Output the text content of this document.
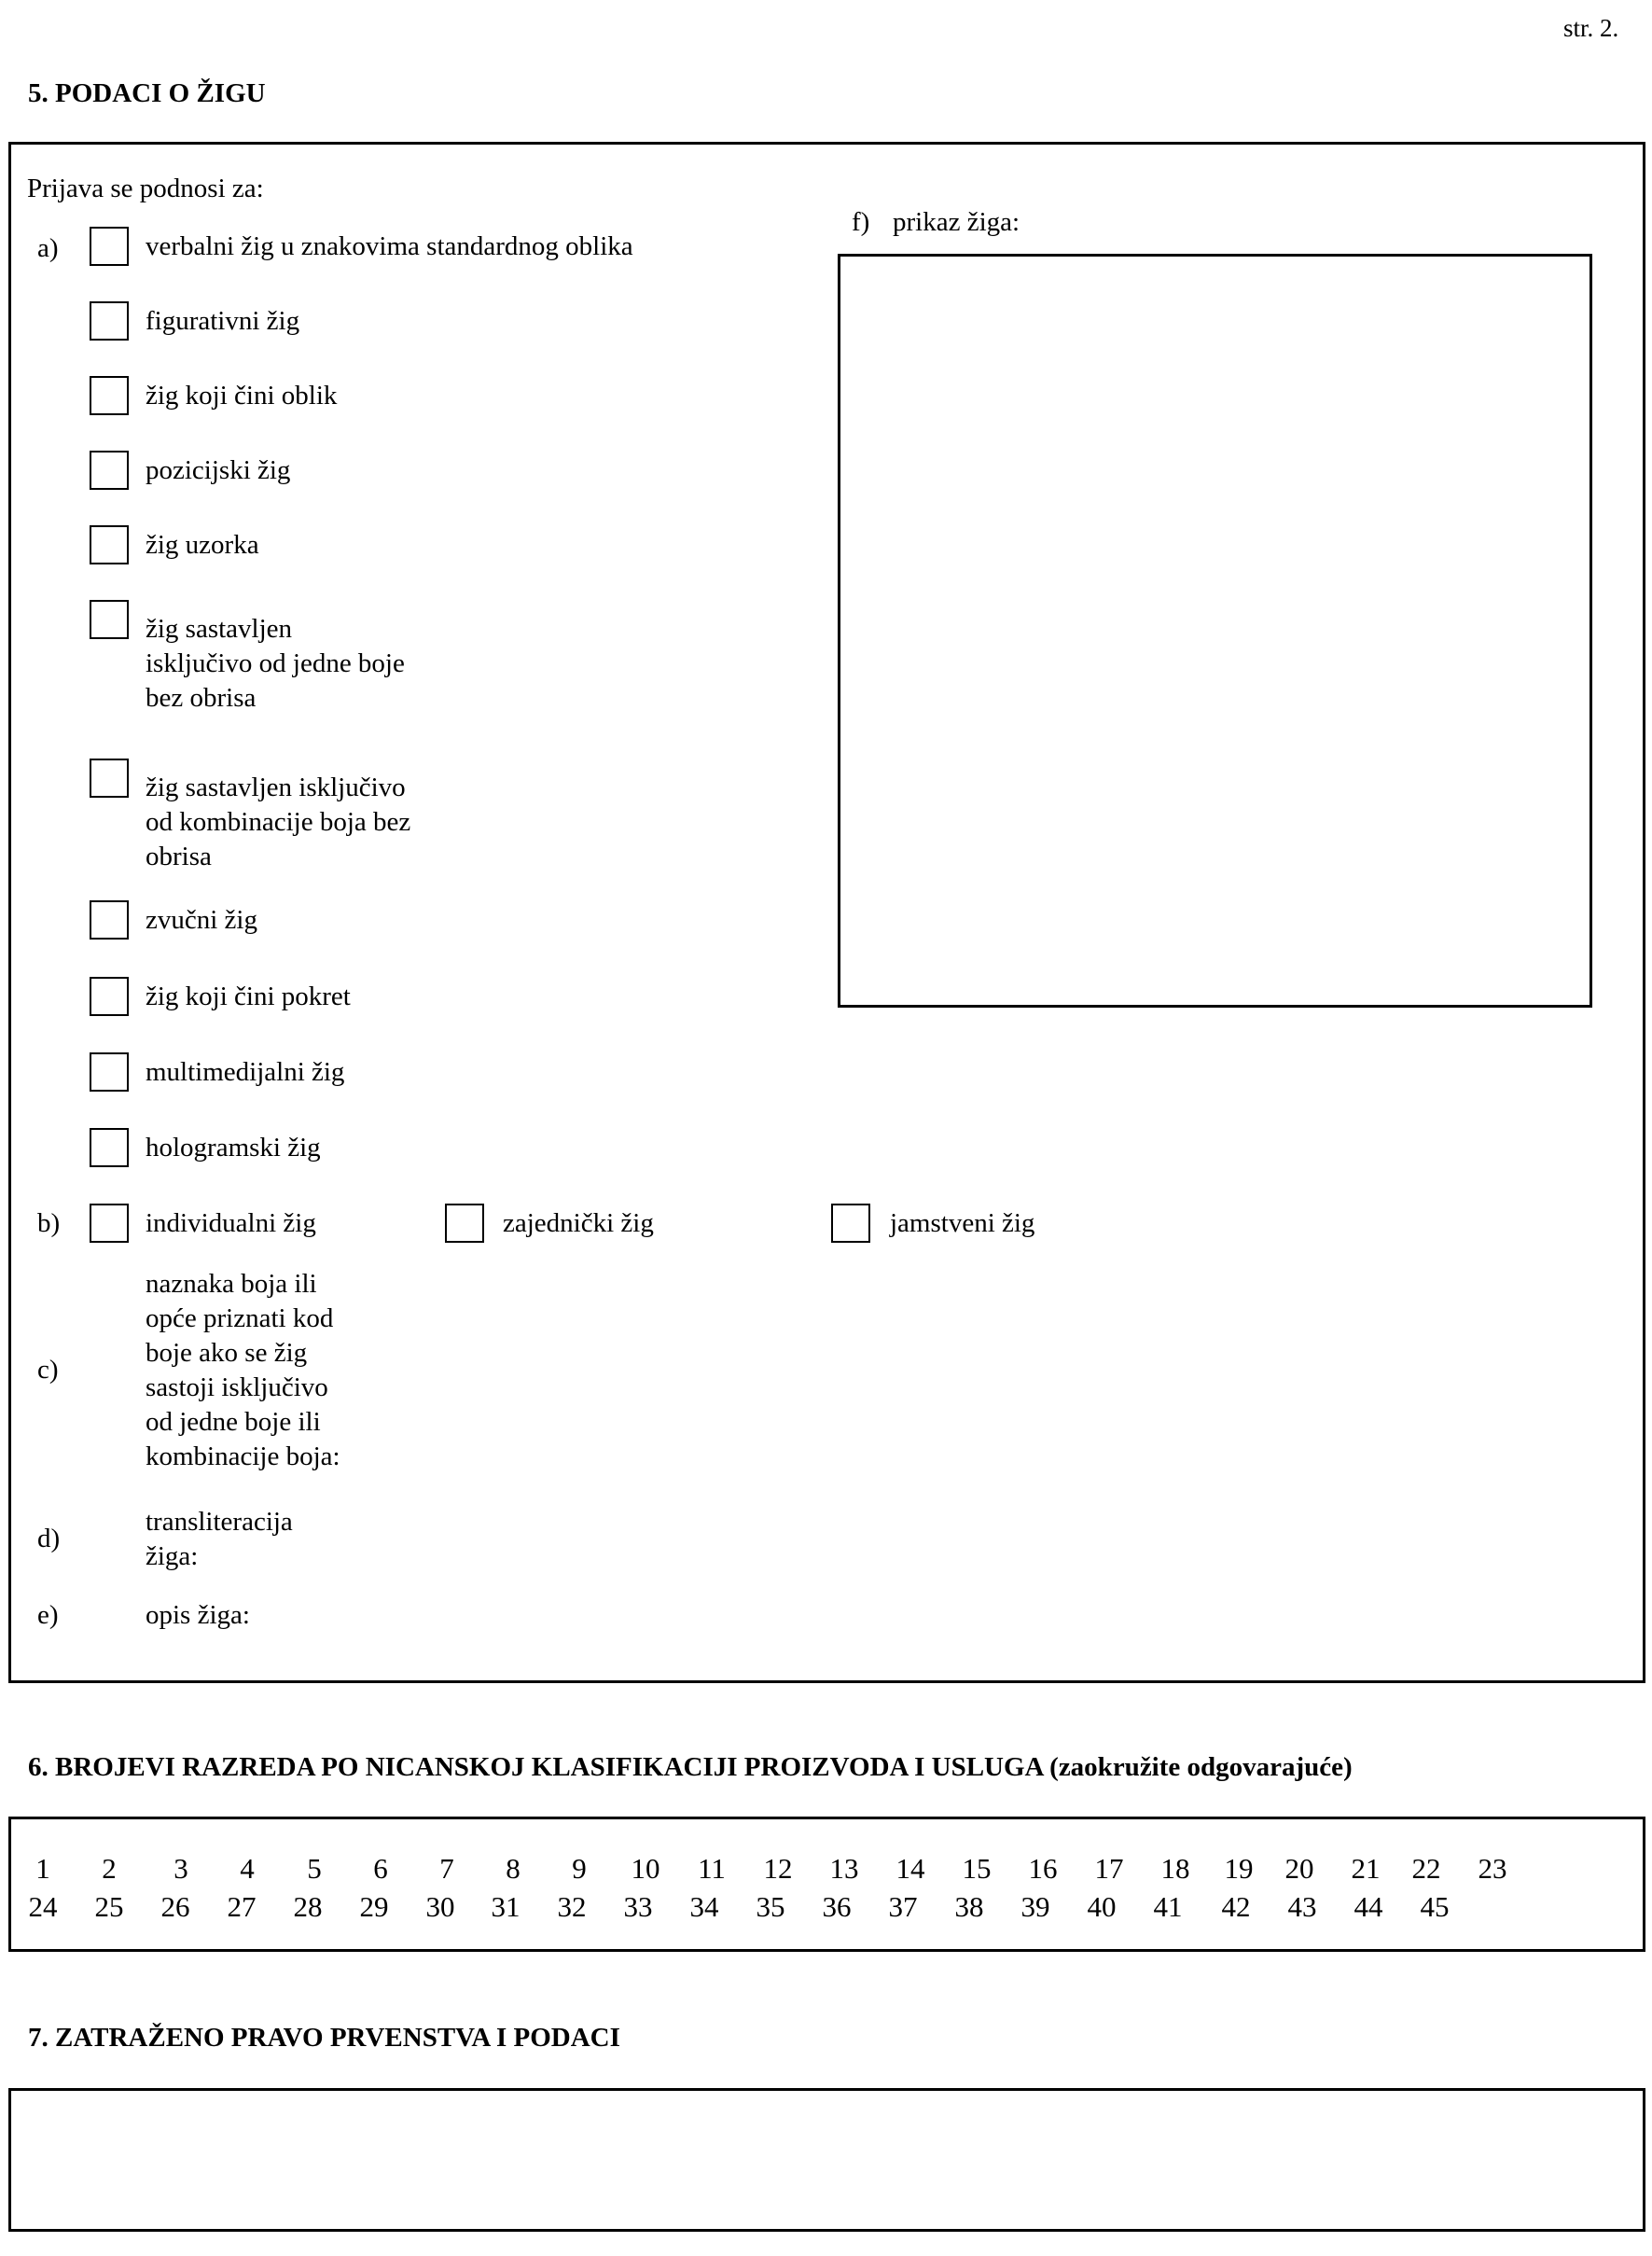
str. 2.
5. PODACI O ŽIGU
Prijava se podnosi za:
a)	verbalni žig u znakovima standardnog oblika
figurativni žig
žig koji čini oblik
pozicijski žig
žig uzorka
žig sastavljen
isključivo od jedne boje
bez obrisa
žig sastavljen isključivo
od kombinacije boja bez
obrisa
zvučni žig
žig koji čini pokret
multimedijalni žig
hologramski žig
f) prikaz žiga:
b)	individualni žig	zajednički žig	jamstveni žig
c)
naznaka boja ili
opće priznati kod
boje ako se žig
sastoji isključivo
od jedne boje ili
kombinacije boja:
d)
transliteracija
žiga:
e)	opis žiga:
6. BROJEVI RAZREDA PO NICANSKOJ KLASIFIKACIJI PROIZVODA I USLUGA (zaokružite odgovarajuće)
1	2	3	4	5	6	7	8	9	10	11	12	13	14	15	16	17	18	19	20	21	22	23
24	25	26	27	28	29	30	31	32	33	34	35	36	37	38	39	40	41	42	43	44	45
7. ZATRAŽENO PRAVO PRVENSTVA I PODACI
